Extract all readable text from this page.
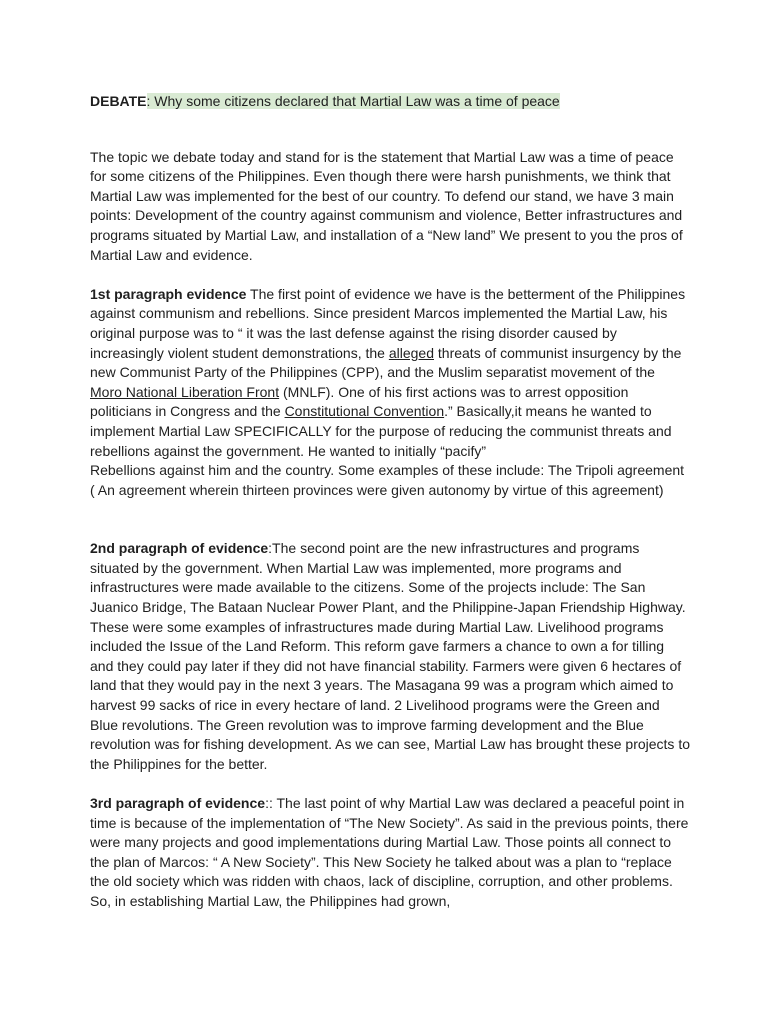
DEBATE: Why some citizens declared that Martial Law was a time of peace

The topic we debate today and stand for is the statement that Martial Law was a time of peace for some citizens of the Philippines. Even though there were harsh punishments, we think that Martial Law was implemented for the best of our country. To defend our stand, we have 3 main points: Development of the country against communism and violence, Better infrastructures and programs situated by Martial Law, and installation of a “New land” We present to you the pros of Martial Law and evidence.

1st paragraph evidence The first point of evidence we have is the betterment of the Philippines against communism and rebellions. Since president Marcos implemented the Martial Law, his original purpose was to “ it was the last defense against the rising disorder caused by increasingly violent student demonstrations, the alleged threats of communist insurgency by the new Communist Party of the Philippines (CPP), and the Muslim separatist movement of the Moro National Liberation Front (MNLF). One of his first actions was to arrest opposition politicians in Congress and the Constitutional Convention.” Basically,it means he wanted to implement Martial Law SPECIFICALLY for the purpose of reducing the communist threats and rebellions against the government. He wanted to initially “pacify”
Rebellions against him and the country. Some examples of these include: The Tripoli agreement ( An agreement wherein thirteen provinces were given autonomy by virtue of this agreement)

2nd paragraph of evidence:The second point are the new infrastructures and programs situated by the government. When Martial Law was implemented, more programs and infrastructures were made available to the citizens. Some of the projects include: The San Juanico Bridge, The Bataan Nuclear Power Plant, and the Philippine-Japan Friendship Highway. These were some examples of infrastructures made during Martial Law. Livelihood programs included the Issue of the Land Reform. This reform gave farmers a chance to own a for tilling and they could pay later if they did not have financial stability. Farmers were given 6 hectares of land that they would pay in the next 3 years. The Masagana 99 was a program which aimed to harvest 99 sacks of rice in every hectare of land. 2 Livelihood programs were the Green and Blue revolutions. The Green revolution was to improve farming development and the Blue revolution was for fishing development. As we can see, Martial Law has brought these projects to the Philippines for the better.

3rd paragraph of evidence:: The last point of why Martial Law was declared a peaceful point in time is because of the implementation of “The New Society”. As said in the previous points, there were many projects and good implementations during Martial Law. Those points all connect to the plan of Marcos: “ A New Society”. This New Society he talked about was a plan to “replace the old society which was ridden with chaos, lack of discipline, corruption, and other problems. So, in establishing Martial Law, the Philippines had grown,
